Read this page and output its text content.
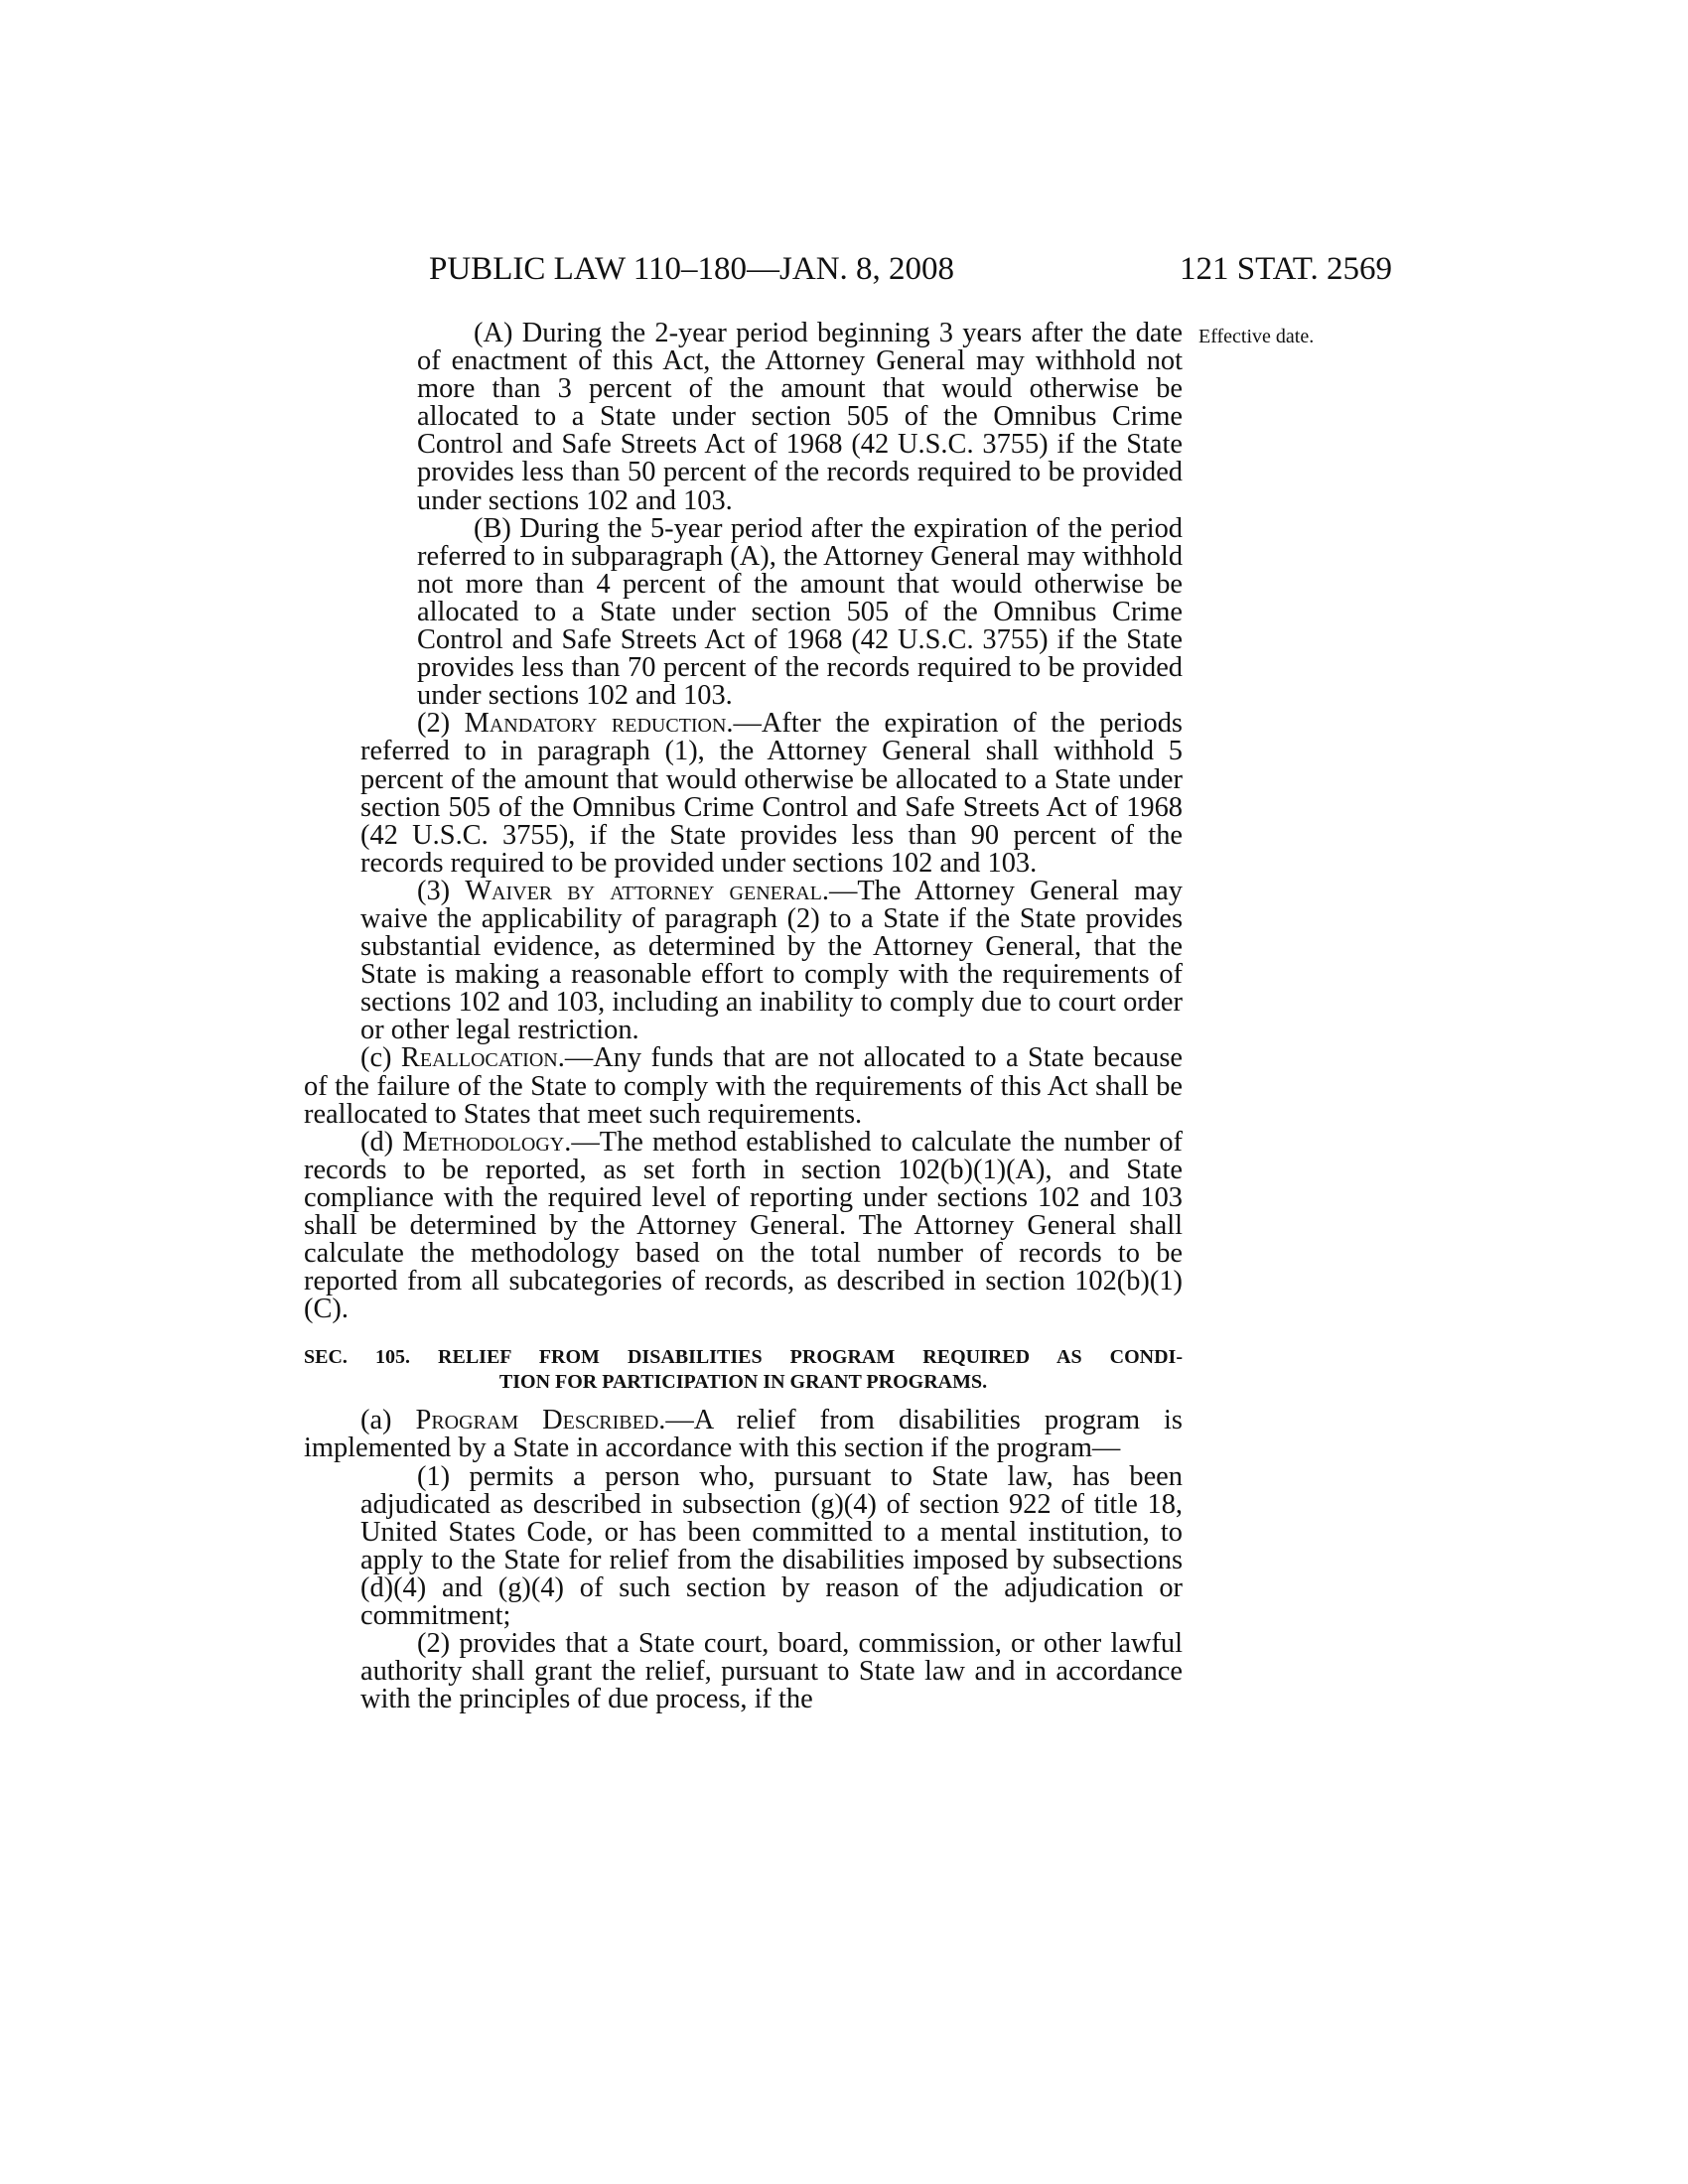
PUBLIC LAW 110–180—JAN. 8, 2008	121 STAT. 2569
Effective date.

(A) During the 2-year period beginning 3 years after the date of enactment of this Act, the Attorney General may withhold not more than 3 percent of the amount that would otherwise be allocated to a State under section 505 of the Omnibus Crime Control and Safe Streets Act of 1968 (42 U.S.C. 3755) if the State provides less than 50 percent of the records required to be provided under sections 102 and 103.

(B) During the 5-year period after the expiration of the period referred to in subparagraph (A), the Attorney General may withhold not more than 4 percent of the amount that would otherwise be allocated to a State under section 505 of the Omnibus Crime Control and Safe Streets Act of 1968 (42 U.S.C. 3755) if the State provides less than 70 percent of the records required to be provided under sections 102 and 103.

(2) Mandatory reduction.—After the expiration of the periods referred to in paragraph (1), the Attorney General shall withhold 5 percent of the amount that would otherwise be allocated to a State under section 505 of the Omnibus Crime Control and Safe Streets Act of 1968 (42 U.S.C. 3755), if the State provides less than 90 percent of the records required to be provided under sections 102 and 103.

(3) Waiver by attorney general.—The Attorney General may waive the applicability of paragraph (2) to a State if the State provides substantial evidence, as determined by the Attorney General, that the State is making a reasonable effort to comply with the requirements of sections 102 and 103, including an inability to comply due to court order or other legal restriction.

(c) Reallocation.—Any funds that are not allocated to a State because of the failure of the State to comply with the requirements of this Act shall be reallocated to States that meet such requirements.

(d) Methodology.—The method established to calculate the number of records to be reported, as set forth in section 102(b)(1)(A), and State compliance with the required level of reporting under sections 102 and 103 shall be determined by the Attorney General. The Attorney General shall calculate the methodology based on the total number of records to be reported from all subcategories of records, as described in section 102(b)(1)(C).

SEC. 105. RELIEF FROM DISABILITIES PROGRAM REQUIRED AS CONDI-
TION FOR PARTICIPATION IN GRANT PROGRAMS.

(a) Program Described.—A relief from disabilities program is implemented by a State in accordance with this section if the program—

(1) permits a person who, pursuant to State law, has been adjudicated as described in subsection (g)(4) of section 922 of title 18, United States Code, or has been committed to a mental institution, to apply to the State for relief from the disabilities imposed by subsections (d)(4) and (g)(4) of such section by reason of the adjudication or commitment;

(2) provides that a State court, board, commission, or other lawful authority shall grant the relief, pursuant to State law and in accordance with the principles of due process, if the
